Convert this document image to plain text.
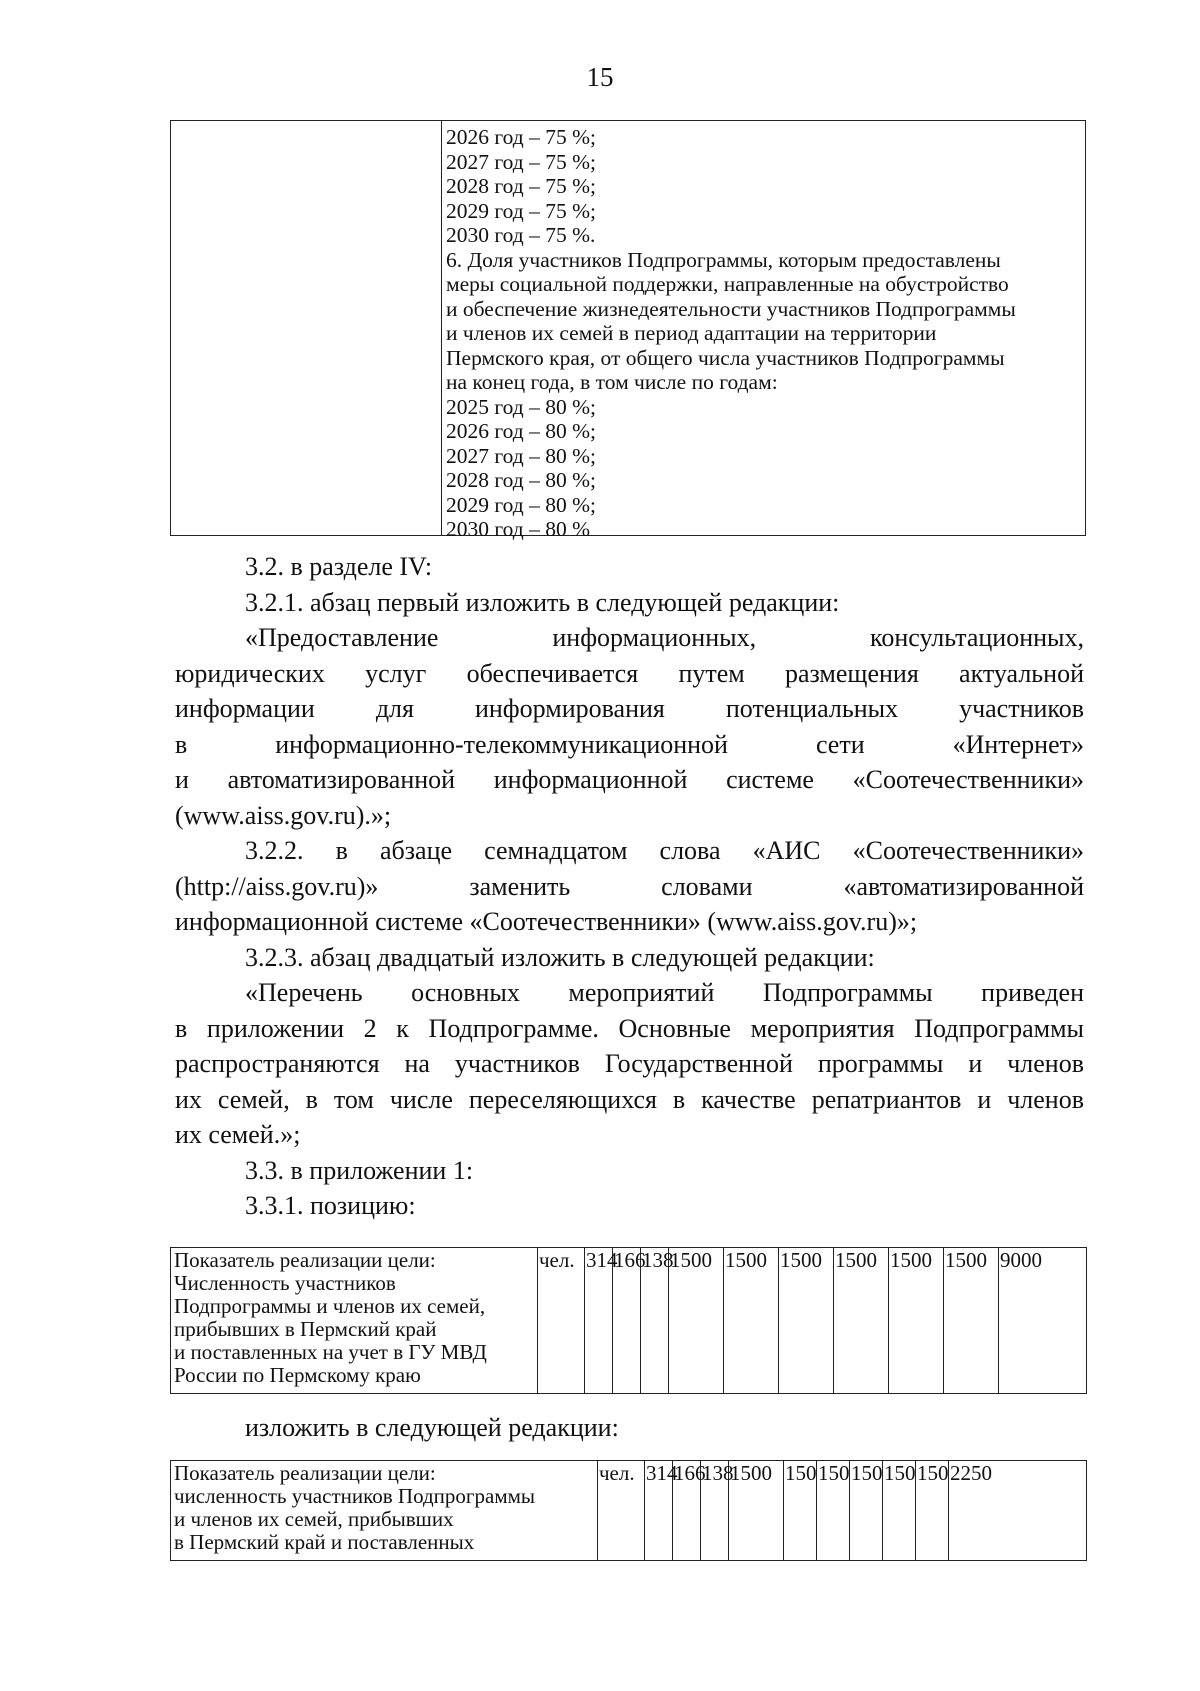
15
2026 год – 75 %;
2027 год – 75 %;
2028 год – 75 %;
2029 год – 75 %;
2030 год – 75 %.
6. Доля участников Подпрограммы, которым предоставлены
меры социальной поддержки, направленные на обустройство
и обеспечение жизнедеятельности участников Подпрограммы
и членов их семей в период адаптации на территории
Пермского края, от общего числа участников Подпрограммы
на конец года, в том числе по годам:
2025 год – 80 %;
2026 год – 80 %;
2027 год – 80 %;
2028 год – 80 %;
2029 год – 80 %;
2030 год – 80 %
3.2. в разделе IV:
3.2.1. абзац первый изложить в следующей редакции:
«Предоставление информационных, консультационных,
юридических услуг обеспечивается путем размещения актуальной
информации для информирования потенциальных участников
в информационно-телекоммуникационной сети «Интернет»
и автоматизированной информационной системе «Соотечественники»
(www.aiss.gov.ru).»;
3.2.2. в абзаце семнадцатом слова «АИС «Соотечественники»
(http://aiss.gov.ru)» заменить словами «автоматизированной
информационной системе «Соотечественники» (www.aiss.gov.ru)»;
3.2.3. абзац двадцатый изложить в следующей редакции:
«Перечень основных мероприятий Подпрограммы приведен
в приложении 2 к Подпрограмме. Основные мероприятия Подпрограммы
распространяются на участников Государственной программы и членов
их семей, в том числе переселяющихся в качестве репатриантов и членов
их семей.»;
3.3. в приложении 1:
3.3.1. позицию:
Показатель реализации цели:
Численность участников
Подпрограммы и членов их семей,
прибывших в Пермский край
и поставленных на учет в ГУ МВД
России по Пермскому краю
	чел.	314	166	138	1500	1500	1500	1500	1500	1500	9000
изложить в следующей редакции:
Показатель реализации цели:
численность участников Подпрограммы
и членов их семей, прибывших
в Пермский край и поставленных
	чел.	314	166	138	1500	150	150	150	150	150	2250
